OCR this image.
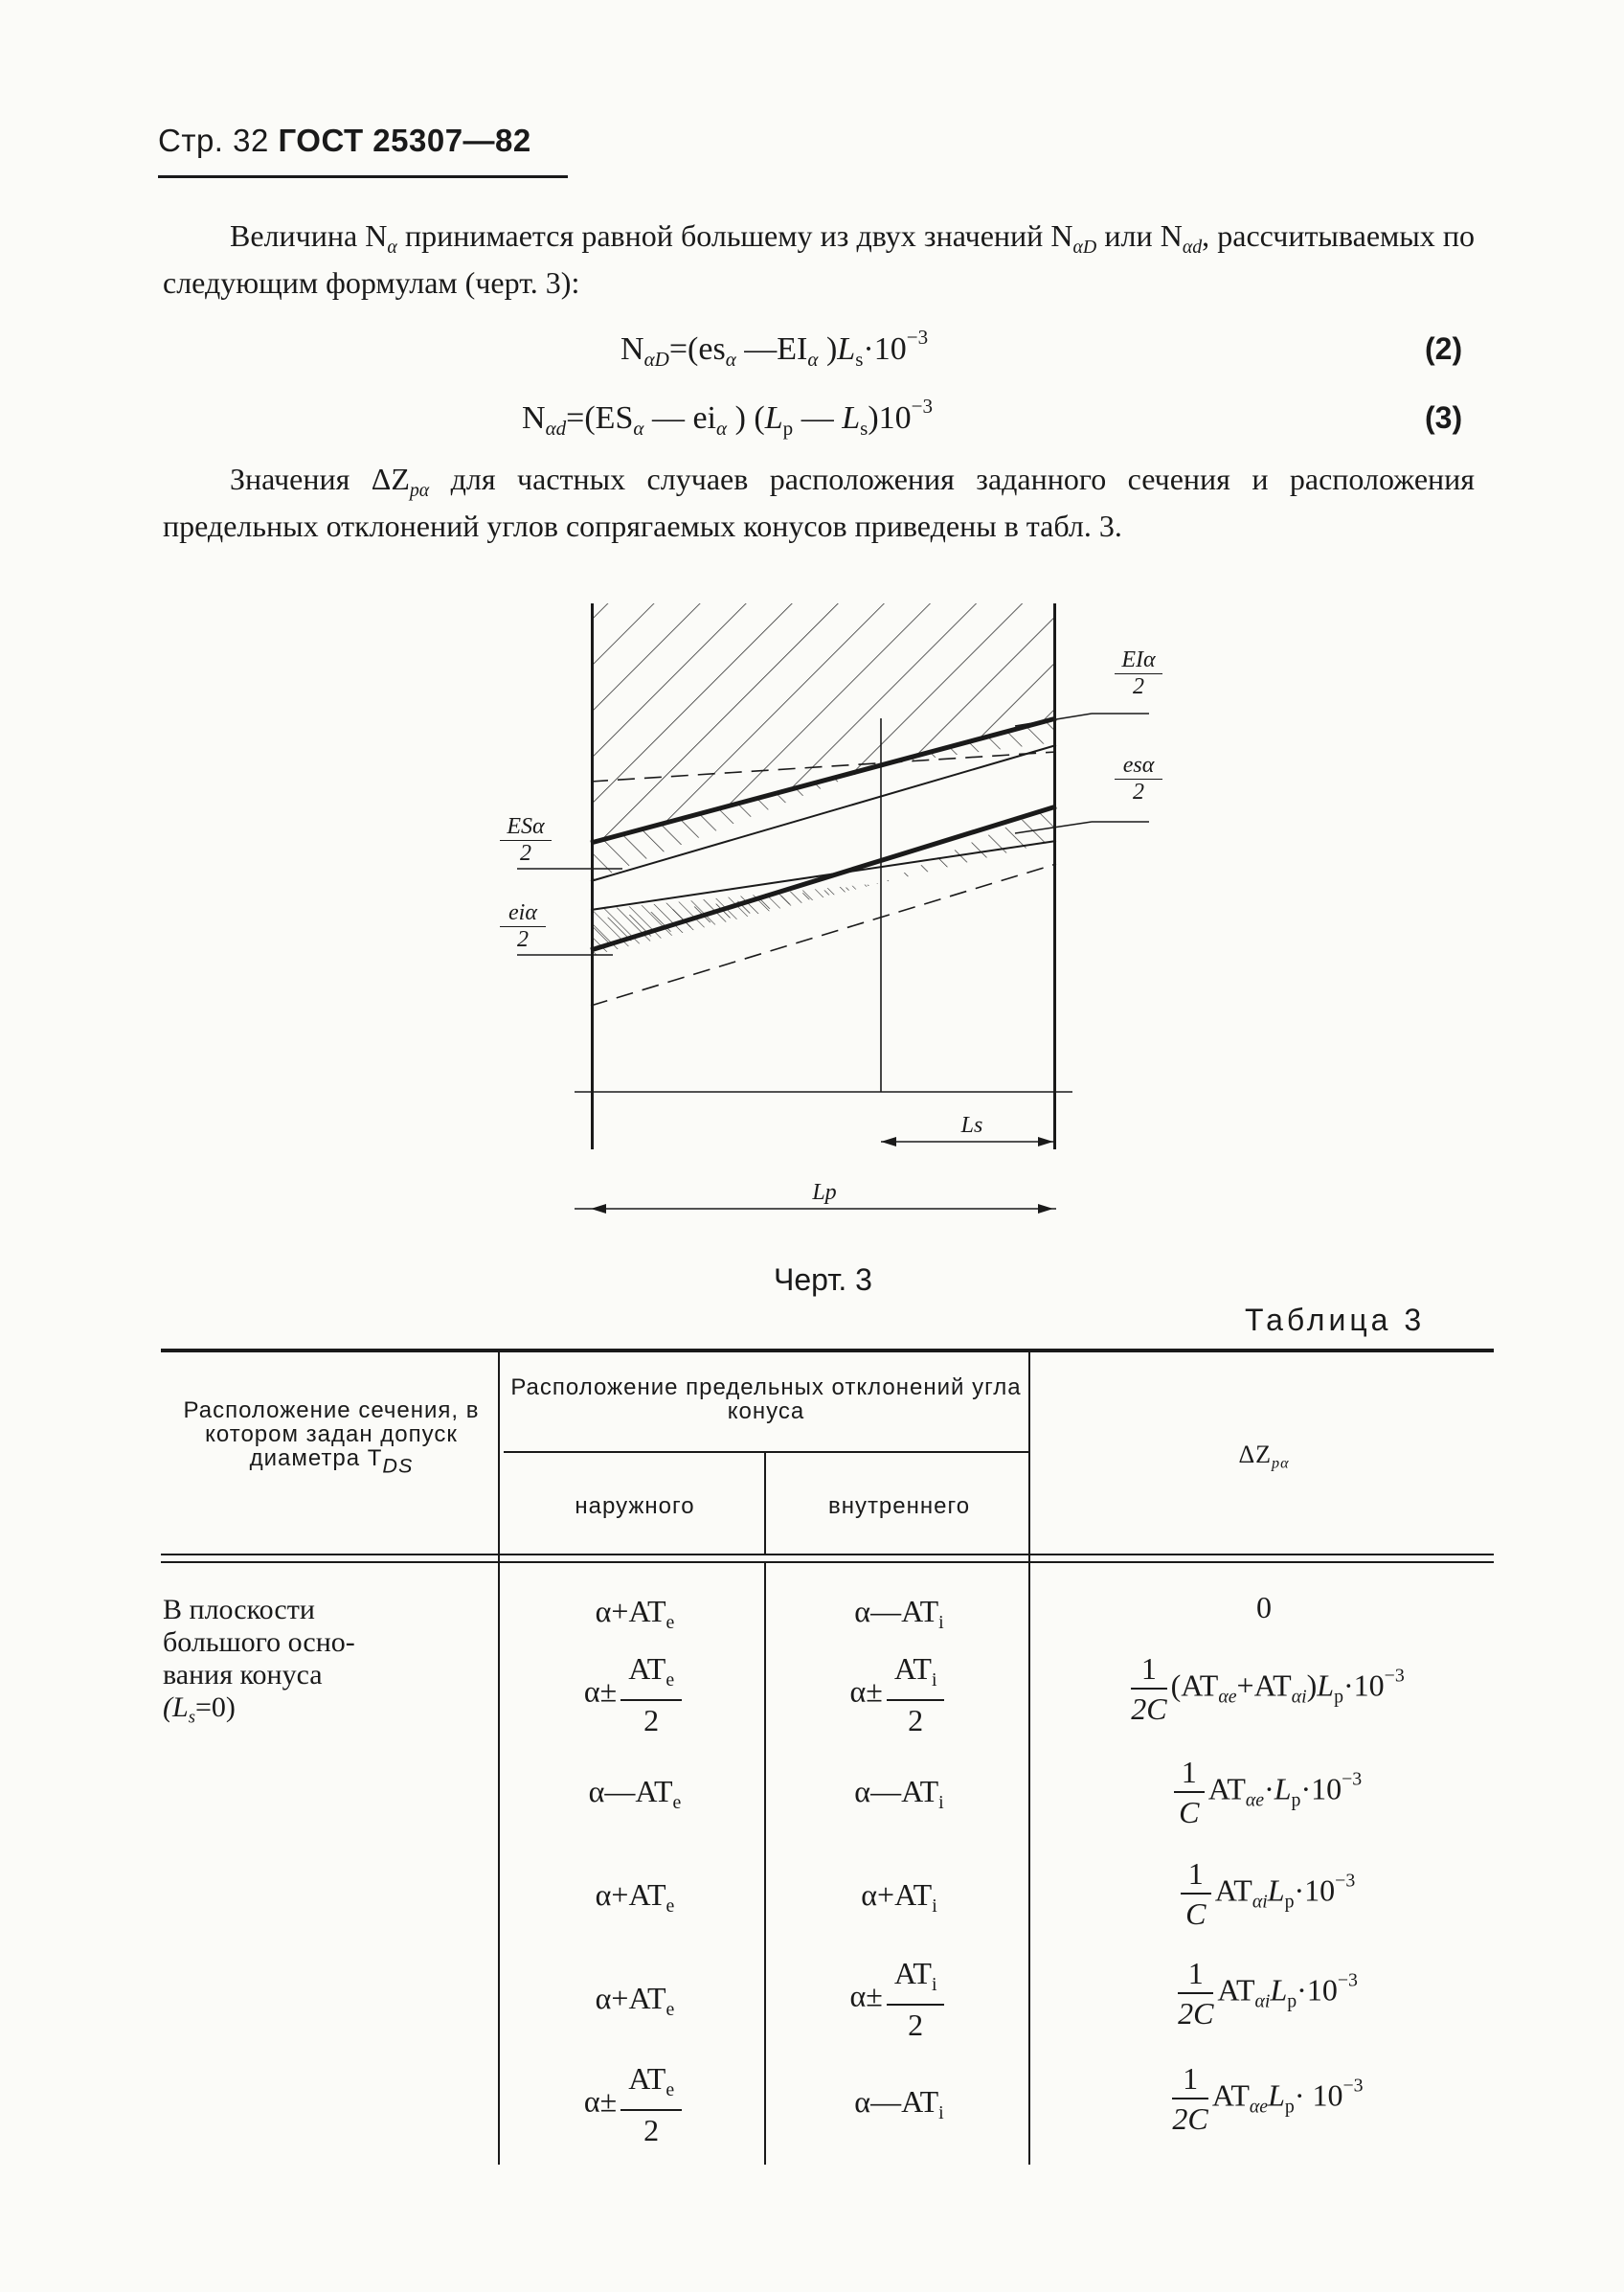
Стр. 32 ГОСТ 25307—82
Величина $N_\alpha$ принимается равной большему из двух значений $N_{\alpha D}$ или $N_{\alpha d}$, рассчитываемых по следующим формулам (черт. 3):
$N_{\alpha D}=(es_\alpha$ $—EI_\alpha$ )$L_s\cdot 10^{-3}$	(2)
$N_{\alpha d}=(ES_\alpha$ — $ei_\alpha$ ) ($L_p$ — $L_s)10^{-3}$	(3)
Значения $\Delta Z_{p\alpha}$ для частных случаев расположения заданного сечения и расположения предельных отклонений углов сопрягаемых конусов приведены в табл. 3.
EIα
2
esα
2
ESα
2
eiα
2
Ls
Lp
Черт. 3
Таблица 3
Расположение сечения, в котором задан допуск диаметра $T_{DS}$
Расположение предельных отклонений угла конуса
наружного	внутреннего
$\Delta Z_{p\alpha}$
В плоскости большого осно-вания конуса
$(L_s=0)$
$\alpha+AT_e$	$\alpha—AT_i$	0
$\alpha\pm \frac{AT_e}{2}$	$\alpha\pm \frac{AT_i}{2}$	$\frac{1}{2C} (AT_{\alpha e}+AT_{\alpha i})L_p\cdot 10^{-3}$
$\alpha—AT_e$	$\alpha—AT_i$	$\frac{1}{C} AT_{\alpha e}\cdot L_p\cdot 10^{-3}$
$\alpha+AT_e$	$\alpha+AT_i$	$\frac{1}{C} AT_{\alpha i}L_p\cdot 10^{-3}$
$\alpha+AT_e$	$\alpha\pm \frac{AT_i}{2}$	$\frac{1}{2C} AT_{\alpha i}L_p\cdot 10^{-3}$
$\alpha\pm \frac{AT_e}{2}$	$\alpha—AT_i$	$\frac{1}{2C} AT_{\alpha e}L_p\cdot 10^{-3}$
